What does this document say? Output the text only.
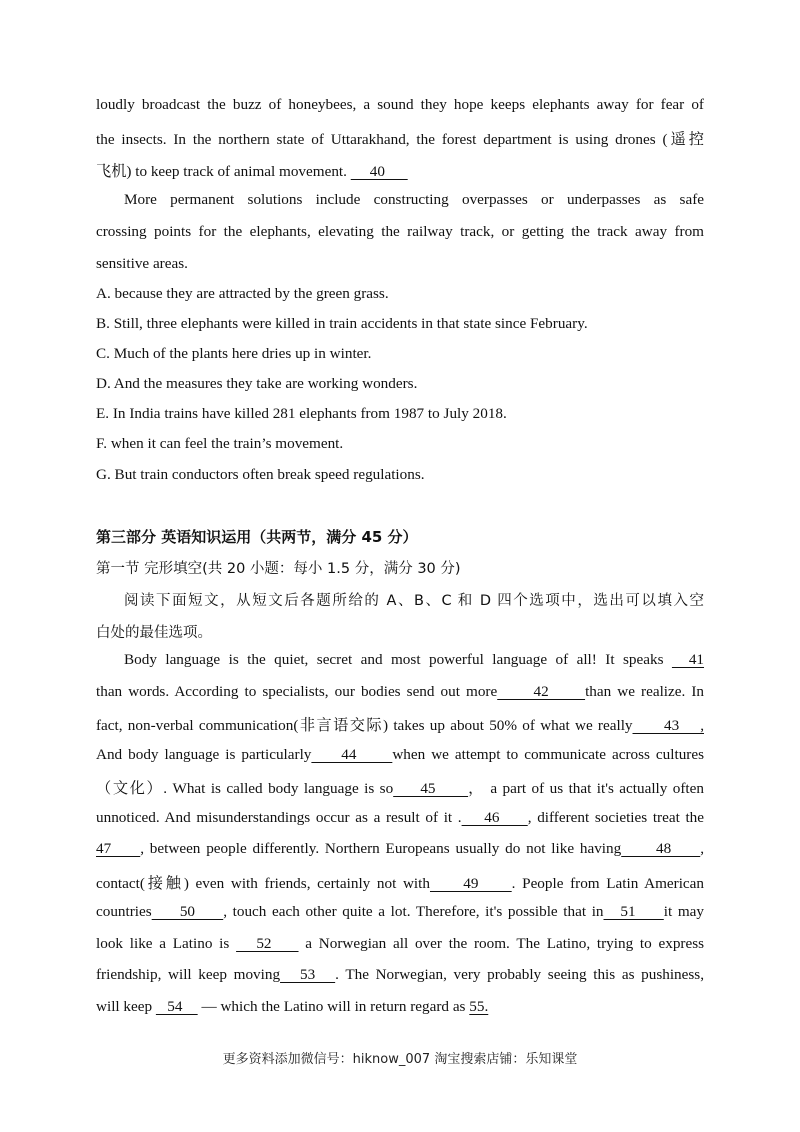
loudly broadcast the buzz of honeybees, a sound they hope keeps elephants away for fear of
the insects. In the northern state of Uttarakhand, the forest department is using drones (遥控
飞机) to keep track of animal movement.      40
More permanent solutions include constructing overpasses or underpasses as safe
crossing points for the elephants, elevating the railway track, or getting the track away from
sensitive areas.
A. because they are attracted by the green grass.
B. Still, three elephants were killed in train accidents in that state since February.
C. Much of the plants here dries up in winter.
D. And the measures they take are working wonders.
E. In India trains have killed 281 elephants from 1987 to July 2018.
F. when it can feel the train’s movement.
G. But train conductors often break speed regulations.
第三部分 英语知识运用（共两节，满分 45 分）
第一节 完形填空(共 20 小题：每小 1.5 分，满分 30 分)
阅读下面短文，从短文后各题所给的 A、B、C 和 D 四个选项中，选出可以填入空
白处的最佳选项。
Body language is the quiet, secret and most powerful language of all! It speaks   41
than words. According to specialists, our bodies send out more      42      than we realize. In
fact, non-verbal communication(非言语交际) takes up about 50% of what we really      43    ,
And body language is particularly     44      when we attempt to communicate across cultures
（文化）. What is called body language is so     45      ， a part of us that it's actually often
unnoticed. And misunderstandings occur as a result of it .    46     , different societies treat the
47     , between people differently. Northern Europeans usually do not like having      48     ,
contact(接触) even with friends, certainly not with     49     . People from Latin American
countries     50     , touch each other quite a lot. Therefore, it's possible that in   51     it may
look like a Latino is    52     a Norwegian all over the room. The Latino, trying to express
friendship, will keep moving   53   . The Norwegian, very probably seeing this as pushiness,
will keep    54     — which the Latino will in return regard as 55.
更多资料添加微信号：hiknow_007 淘宝搜索店铺：乐知课堂
